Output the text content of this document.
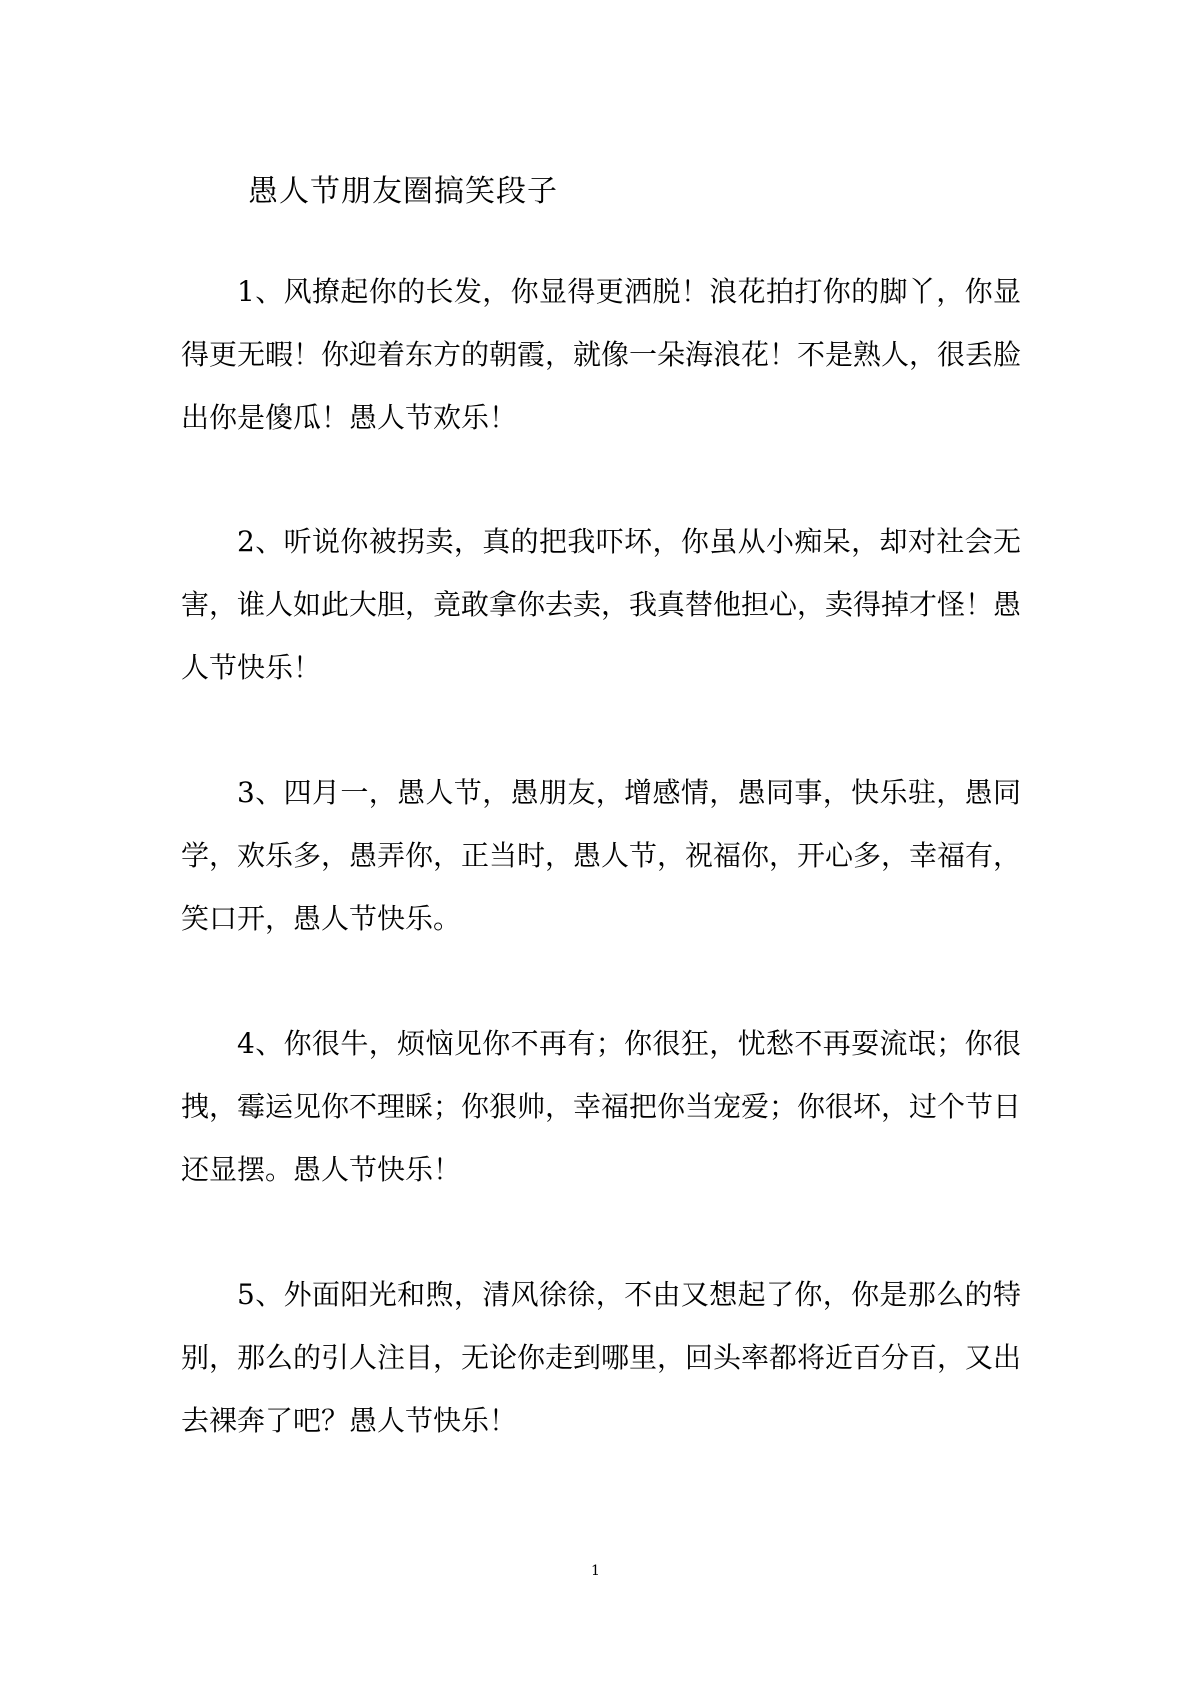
愚人节朋友圈搞笑段子

1、风撩起你的长发，你显得更洒脱！浪花拍打你的脚丫，你显得更无暇！你迎着东方的朝霞，就像一朵海浪花！不是熟人，很丢脸出你是傻瓜！愚人节欢乐！

2、听说你被拐卖，真的把我吓坏，你虽从小痴呆，却对社会无害，谁人如此大胆，竟敢拿你去卖，我真替他担心，卖得掉才怪！愚人节快乐！

3、四月一，愚人节，愚朋友，增感情，愚同事，快乐驻，愚同学，欢乐多，愚弄你，正当时，愚人节，祝福你，开心多，幸福有，笑口开，愚人节快乐。

4、你很牛，烦恼见你不再有；你很狂，忧愁不再耍流氓；你很拽，霉运见你不理睬；你狠帅，幸福把你当宠爱；你很坏，过个节日还显摆。愚人节快乐！

5、外面阳光和煦，清风徐徐，不由又想起了你，你是那么的特别，那么的引人注目，无论你走到哪里，回头率都将近百分百，又出去裸奔了吧？愚人节快乐！

1
